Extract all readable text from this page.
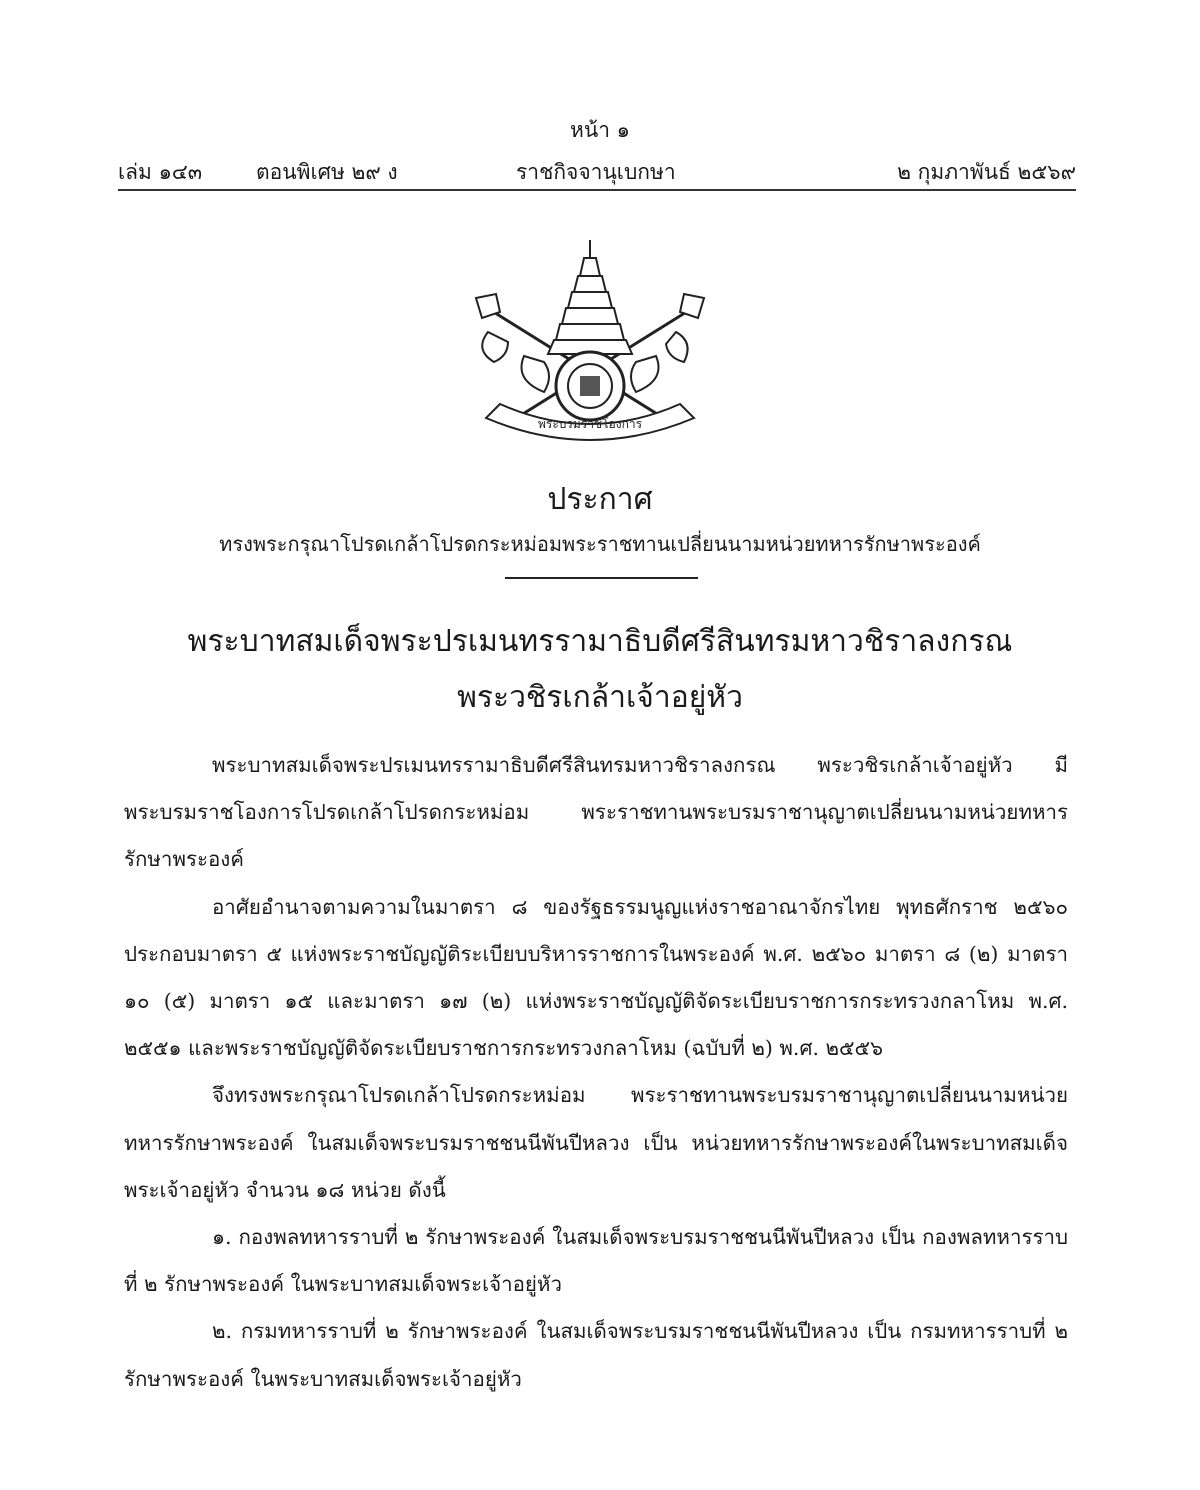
หน้า ๑
เล่ม ๑๔๓	ตอนพิเศษ ๒๙ ง	ราชกิจจานุเบกษา	๒ กุมภาพันธ์ ๒๕๖๙
พระบรมราชโองการ
ประกาศ
ทรงพระกรุณาโปรดเกล้าโปรดกระหม่อมพระราชทานเปลี่ยนนามหน่วยทหารรักษาพระองค์
พระบาทสมเด็จพระปรเมนทรรามาธิบดีศรีสินทรมหาวชิราลงกรณ
พระวชิรเกล้าเจ้าอยู่หัว

พระบาทสมเด็จพระปรเมนทรรามาธิบดีศรีสินทรมหาวชิราลงกรณ พระวชิรเกล้าเจ้าอยู่หัว มีพระบรมราชโองการโปรดเกล้าโปรดกระหม่อม พระราชทานพระบรมราชานุญาตเปลี่ยนนามหน่วยทหารรักษาพระองค์

อาศัยอำนาจตามความในมาตรา ๘ ของรัฐธรรมนูญแห่งราชอาณาจักรไทย พุทธศักราช ๒๕๖๐ ประกอบมาตรา ๕ แห่งพระราชบัญญัติระเบียบบริหารราชการในพระองค์ พ.ศ. ๒๕๖๐ มาตรา ๘ (๒) มาตรา ๑๐ (๕) มาตรา ๑๕ และมาตรา ๑๗ (๒) แห่งพระราชบัญญัติจัดระเบียบราชการกระทรวงกลาโหม พ.ศ. ๒๕๕๑ และพระราชบัญญัติจัดระเบียบราชการกระทรวงกลาโหม (ฉบับที่ ๒) พ.ศ. ๒๕๕๖

จึงทรงพระกรุณาโปรดเกล้าโปรดกระหม่อม พระราชทานพระบรมราชานุญาตเปลี่ยนนามหน่วยทหารรักษาพระองค์ ในสมเด็จพระบรมราชชนนีพันปีหลวง เป็น หน่วยทหารรักษาพระองค์ในพระบาทสมเด็จพระเจ้าอยู่หัว จำนวน ๑๘ หน่วย ดังนี้

๑. กองพลทหารราบที่ ๒ รักษาพระองค์ ในสมเด็จพระบรมราชชนนีพันปีหลวง เป็น กองพลทหารราบที่ ๒ รักษาพระองค์ ในพระบาทสมเด็จพระเจ้าอยู่หัว

๒. กรมทหารราบที่ ๒ รักษาพระองค์ ในสมเด็จพระบรมราชชนนีพันปีหลวง เป็น กรมทหารราบที่ ๒ รักษาพระองค์ ในพระบาทสมเด็จพระเจ้าอยู่หัว
